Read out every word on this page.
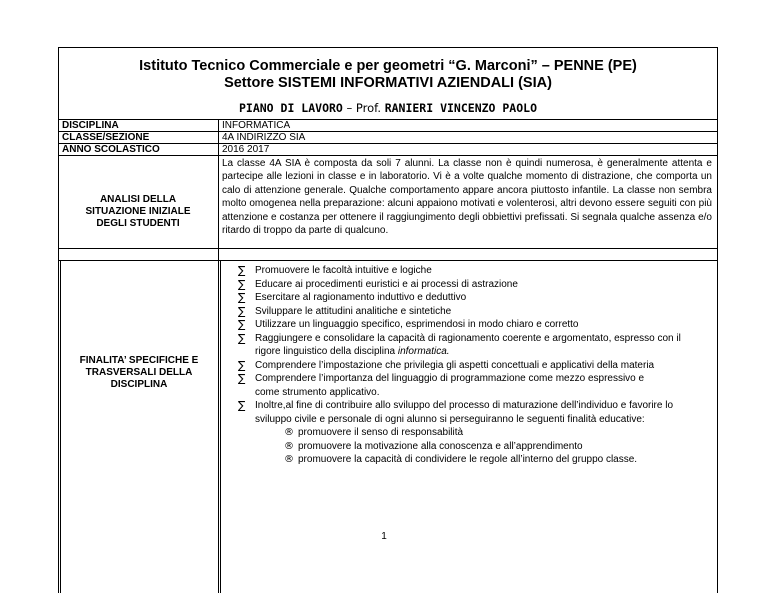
Istituto Tecnico Commerciale e per geometri “G. Marconi” – PENNE (PE)
Settore SISTEMI INFORMATIVI AZIENDALI (SIA)
PIANO DI LAVORO – Prof. RANIERI VINCENZO PAOLO
DISCIPLINA	INFORMATICA
CLASSE/SEZIONE	4A INDIRIZZO SIA
ANNO SCOLASTICO	2016 2017
ANALISI DELLA
SITUAZIONE INIZIALE
DEGLI STUDENTI
La classe 4A SIA è composta da soli 7 alunni. La classe non è quindi numerosa, è generalmente attenta e
partecipe alle lezioni in classe e in laboratorio. Vi è a volte qualche momento di distrazione, che comporta un
calo di attenzione generale. Qualche comportamento appare ancora piuttosto infantile. La classe non sembra
molto omogenea nella preparazione: alcuni appaiono motivati e volenterosi, altri devono essere seguiti con più
attenzione e costanza per ottenere il raggiungimento degli obbiettivi prefissati. Si segnala qualche assenza e/o
ritardo di troppo da parte di qualcuno.
FINALITA’ SPECIFICHE E
TRASVERSALI DELLA
DISCIPLINA
∑ Promuovere le facoltà intuitive e logiche
∑ Educare ai procedimenti euristici e ai processi di astrazione
∑ Esercitare al ragionamento induttivo e deduttivo
∑ Sviluppare le attitudini analitiche e sintetiche
∑ Utilizzare un linguaggio specifico, esprimendosi in modo chiaro e corretto
∑ Raggiungere e consolidare la capacità di ragionamento coerente e argomentato, espresso con il
rigore linguistico della disciplina informatica.
∑ Comprendere l’impostazione che privilegia gli aspetti concettuali e applicativi della materia
∑ Comprendere l’importanza del linguaggio di programmazione come mezzo espressivo e
come strumento applicativo.
∑ Inoltre,al fine di contribuire allo sviluppo del processo di maturazione dell’individuo e favorire lo
sviluppo civile e personale di ogni alunno si perseguiranno le seguenti finalità educative:
® promuovere il senso di responsabilità
® promuovere la motivazione alla conoscenza e all’apprendimento
® promuovere la capacità di condividere le regole all’interno del gruppo classe.
1
